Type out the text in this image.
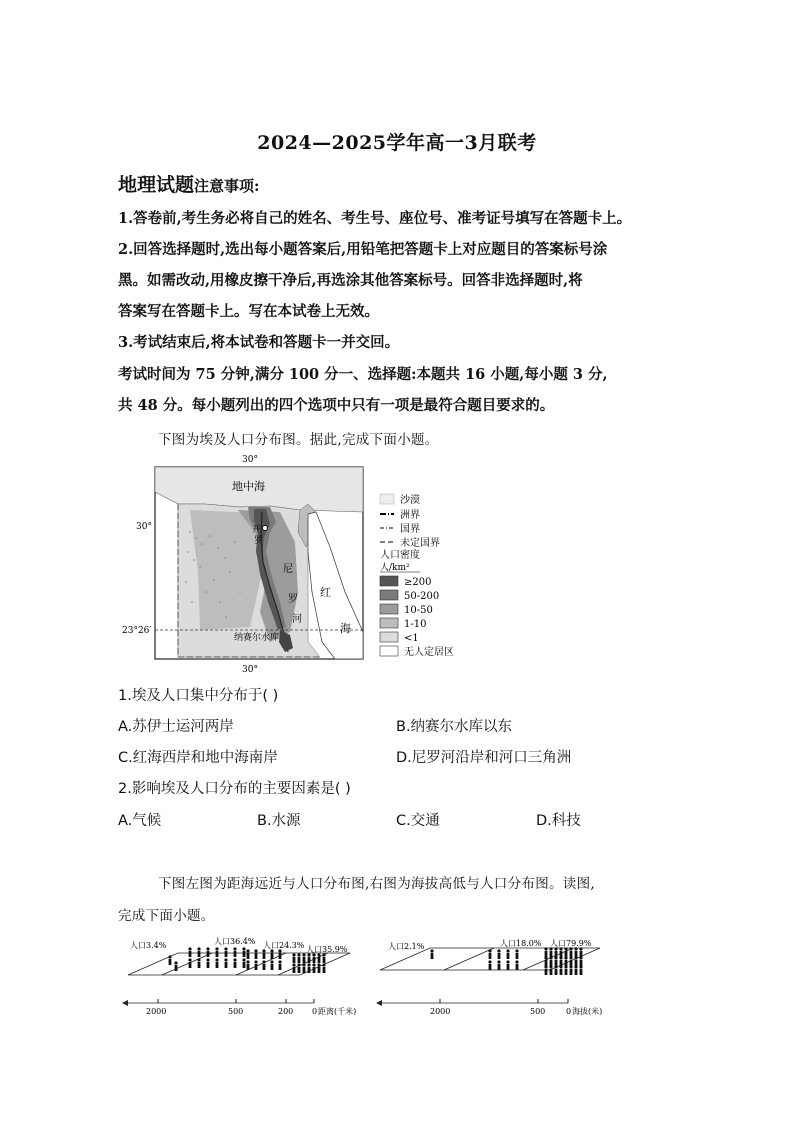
2024—2025学年高一3月联考
地理试题注意事项:
1.答卷前,考生务必将自己的姓名、考生号、座位号、准考证号填写在答题卡上。
2.回答选择题时,选出每小题答案后,用铅笔把答题卡上对应题目的答案标号涂
黑。如需改动,用橡皮擦干净后,再选涂其他答案标号。回答非选择题时,将
答案写在答题卡上。写在本试卷上无效。
3.考试结束后,将本试卷和答题卡一并交回。
考试时间为 75 分钟,满分 100 分一、选择题:本题共 16 小题,每小题 3 分,
共 48 分。每小题列出的四个选项中只有一项是最符合题目要求的。
下图为埃及人口分布图。据此,完成下面小题。
30°
30°
30°
23°26′
地中海
开
罗
尼
罗
河
红
海
纳赛尔水库
沙漠
洲界
国界
未定国界
人口密度
人/km²
≥200
50-200
10-50
1-10
<1
无人定居区
1.埃及人口集中分布于( )
A.苏伊士运河两岸	B.纳赛尔水库以东
C.红海西岸和地中海南岸	D.尼罗河沿岸和河口三角洲
2.影响埃及人口分布的主要因素是( )
A.气候	B.水源	C.交通	D.科技
下图左图为距海远近与人口分布图,右图为海拔高低与人口分布图。读图,
完成下面小题。
人口3.4%	人口36.4% 人口24.3% 人口35.9%
2000	500	200 0 距离(千米)
人口2.1%	人口18.0% 人口79.9%
2000	500	0 海拔(米)
